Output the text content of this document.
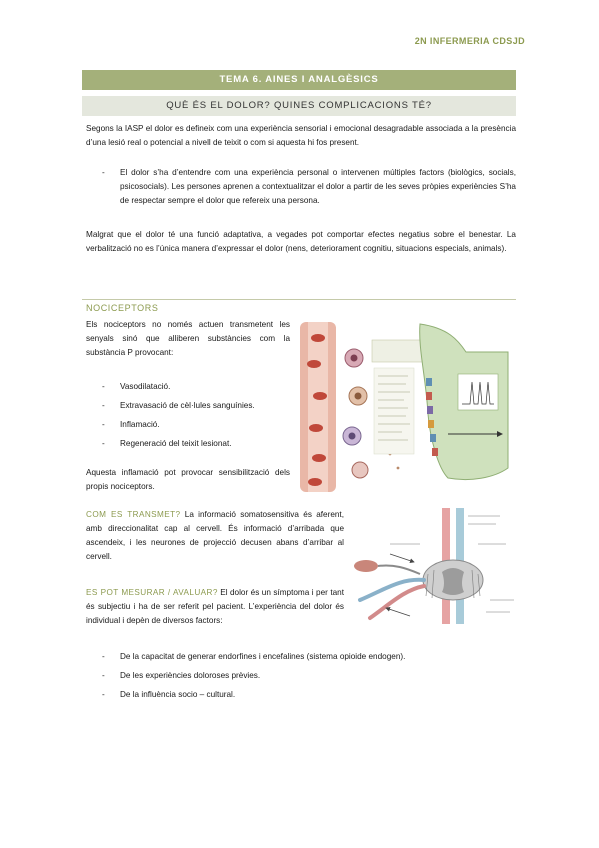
2N INFERMERIA CDSJD
TEMA 6. AINES I ANALGÈSICS
QUÈ ÉS EL DOLOR? QUINES COMPLICACIONS TÉ?

Segons la IASP el dolor es defineix com una experiència sensorial i emocional desagradable associada a la presència d’una lesió real o potencial a nivell de teixit o com si aquesta hi fos present.

- El dolor s’ha d’entendre com una experiència personal o intervenen múltiples factors (biològics, socials, psicosocials). Les persones aprenen a contextualitzar el dolor a partir de les seves pròpies experiències S’ha de respectar sempre el dolor que refereix una persona.

Malgrat que el dolor té una funció adaptativa, a vegades pot comportar efectes negatius sobre el benestar. La verbalització no es l’única manera d’expressar el dolor (nens, deteriorament cognitiu, situacions especials, animals).

NOCICEPTORS

Els nociceptors no només actuen transmetent les senyals sinó que alliberen substàncies com la substància P provocant:

- Vasodilatació.
- Extravasació de cèl·lules sanguínies.
- Inflamació.
- Regeneració del teixit lesionat.

Aquesta inflamació pot provocar sensibilització dels propis nociceptors.

COM ES TRANSMET? La informació somatosensitiva és aferent, amb direccionalitat cap al cervell. És informació d’arribada que ascendeix, i les neurones de projecció decusen abans d’arribar al cervell.

ES POT MESURAR / AVALUAR? El dolor és un símptoma i per tant és subjectiu i ha de ser referit pel pacient. L’experiència del dolor és individual i depèn de diversos factors:

- De la capacitat de generar endorfines i encefalines (sistema opioide endogen).
- De les experiències doloroses prèvies.
- De la influència socio – cultural.
